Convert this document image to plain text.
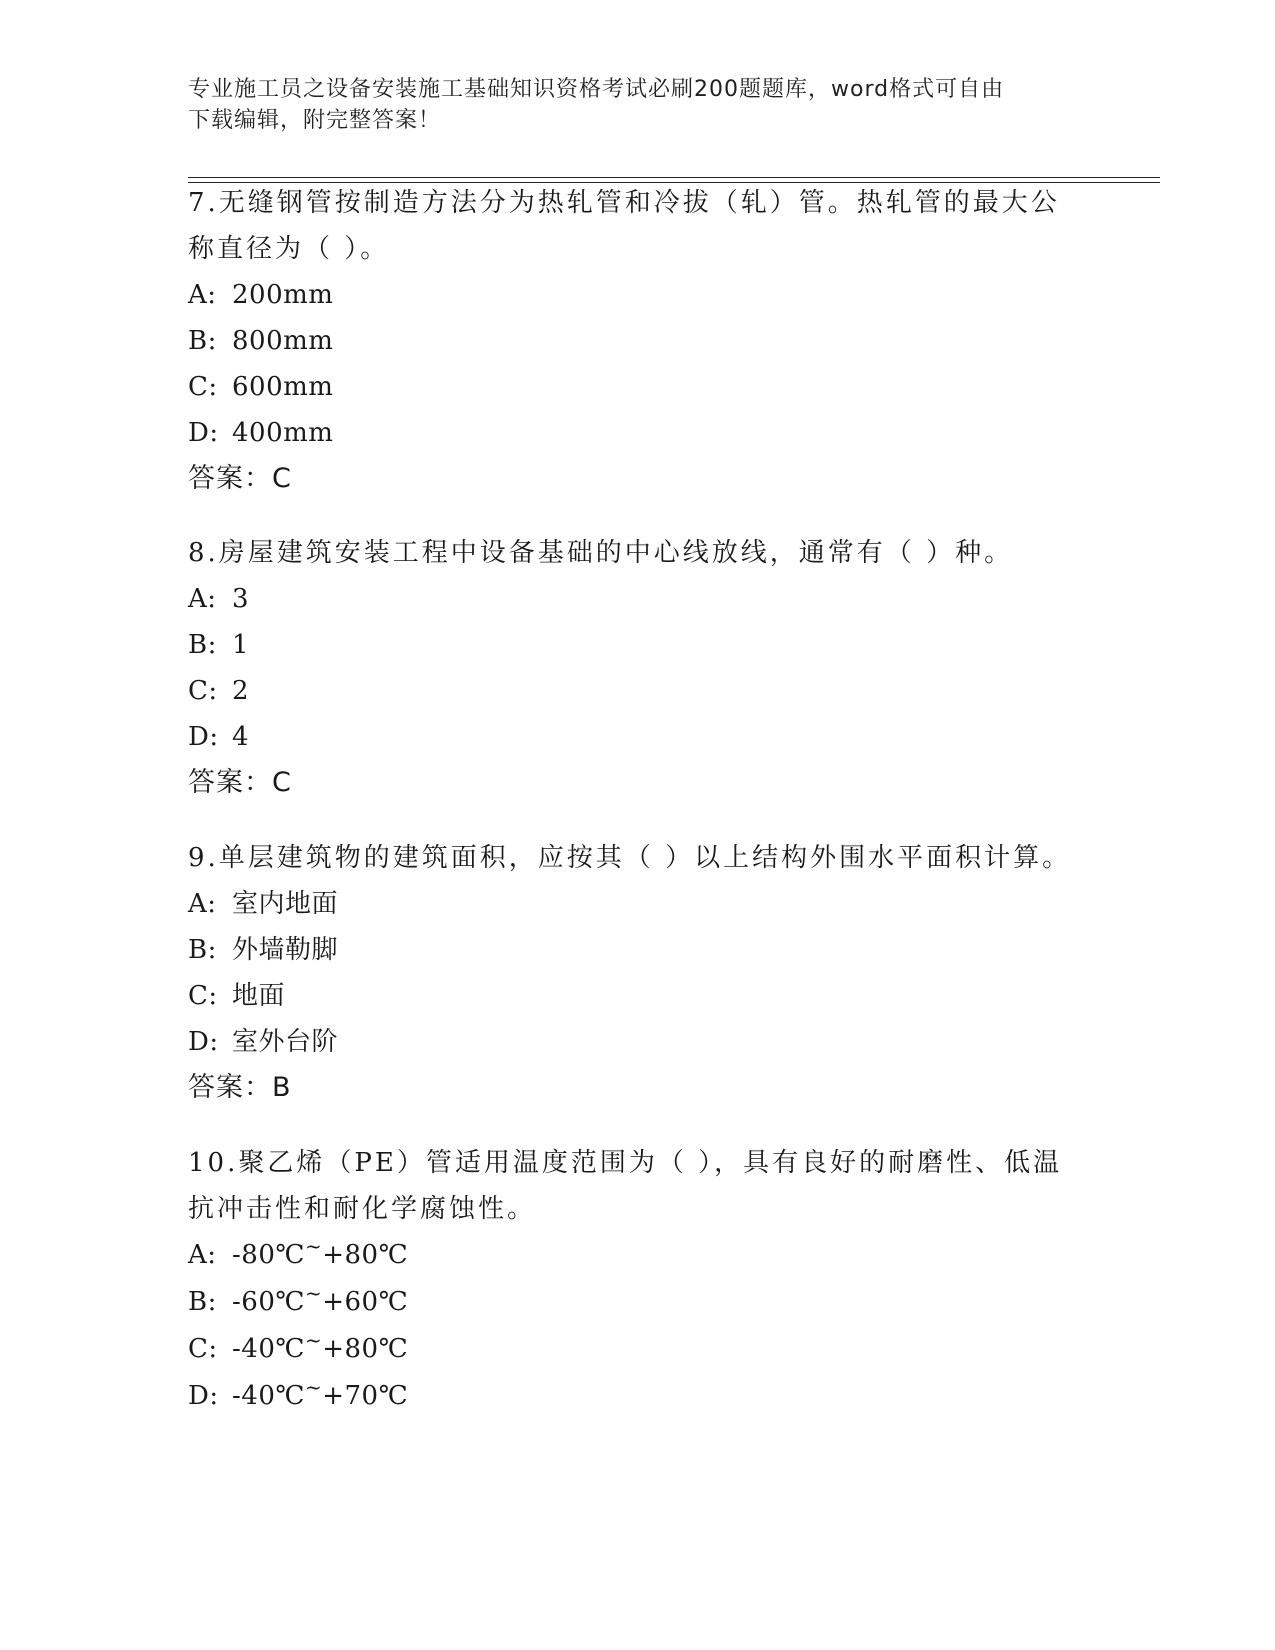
专业施工员之设备安装施工基础知识资格考试必刷200题题库，word格式可自由
下载编辑，附完整答案！

7.无缝钢管按制造方法分为热轧管和冷拔（轧）管。热轧管的最大公称直径为（ ）。

A: 200mm

B: 800mm

C: 600mm

D: 400mm

答案：C

8.房屋建筑安装工程中设备基础的中心线放线，通常有（ ）种。

A: 3

B: 1

C: 2

D: 4

答案：C

9.单层建筑物的建筑面积，应按其（ ）以上结构外围水平面积计算。

A: 室内地面

B: 外墙勒脚

C: 地面

D: 室外台阶

答案：B

10.聚乙烯（PE）管适用温度范围为（ ），具有良好的耐磨性、低温抗冲击性和耐化学腐蚀性。

A: -80℃~+80℃

B: -60℃~+60℃

C: -40℃~+80℃

D: -40℃~+70℃
